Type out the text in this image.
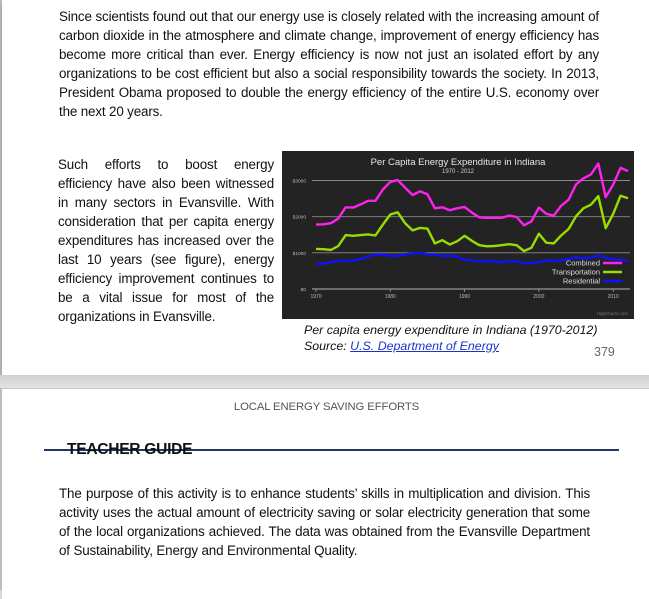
LOCAL ENERGY SAVING EFFORTS

Since scientists found out that our energy use is closely related with the increasing amount of carbon dioxide in the atmosphere and climate change, improvement of energy efficiency has become more critical than ever. Energy efficiency is now not just an isolated effort by any organizations to be cost efficient but also a social responsibility towards the society. In 2013, President Obama proposed to double the energy efficiency of the entire U.S. economy over the next 20 years.

Such efforts to boost energy efficiency have also been witnessed in many sectors in Evansville. With consideration that per capita energy expenditures has increased over the last 10 years (see figure), energy efficiency improvement continues to be a vital issue for most of the organizations in Evansville.

Per Capita Energy Expenditure in Indiana
1970 - 2012
$0
$1000
$2000
$3000
1970	1980	1990	2000	2010
Combined
Transportation
Residential
Highcharts.com
Per capita energy expenditure in Indiana (1970-2012)
Source: U.S. Department of Energy	379
TEACHER GUIDE

The purpose of this activity is to enhance students’ skills in multiplication and division. This activity uses the actual amount of electricity saving or solar electricity generation that some of the local organizations achieved. The data was obtained from the Evansville Department of Sustainability, Energy and Environmental Quality.
